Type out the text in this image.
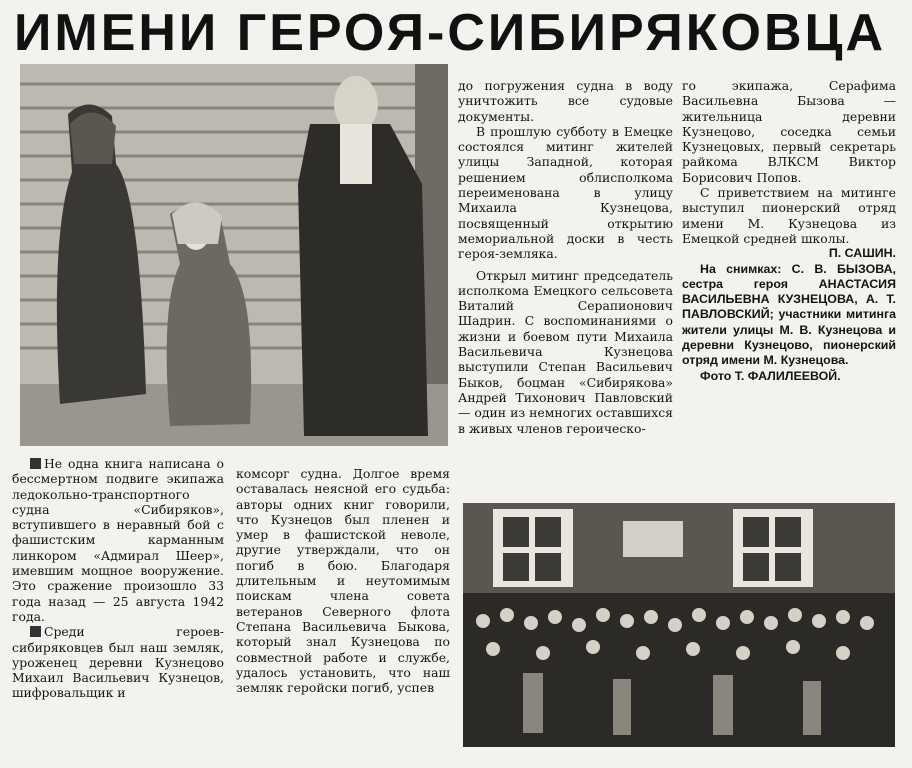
ИМЕНИ ГЕРОЯ-СИБИРЯКОВЦА

Не одна книга написана о бессмертном подвиге экипажа ледокольно-транспортного судна «Сибиряков», вступившего в неравный бой с фашистским карманным линкором «Адмирал Шеер», имевшим мощное вооружение. Это сражение произошло 33 года назад — 25 августа 1942 года.

Среди героев-сибиряковцев был наш земляк, уроженец деревни Кузнецово Михаил Васильевич Кузнецов, шифровальщик и

комсорг судна. Долгое время оставалась неясной его судьба: авторы одних книг говорили, что Кузнецов был пленен и умер в фашистской неволе, другие утверждали, что он погиб в бою. Благодаря длительным и неутомимым поискам члена совета ветеранов Северного флота Степана Васильевича Быкова, который знал Кузнецова по совместной работе и службе, удалось установить, что наш земляк геройски погиб, успев

до погружения судна в воду уничтожить все судовые документы.

В прошлую субботу в Емецке состоялся митинг жителей улицы Западной, которая решением облисполкома переименована в улицу Михаила Кузнецова, посвященный открытию мемориальной доски в честь героя-земляка.

Открыл митинг председатель исполкома Емецкого сельсовета Виталий Серапионович Шадрин. С воспоминаниями о жизни и боевом пути Михаила Васильевича Кузнецова выступили Степан Васильевич Быков, боцман «Сибирякова» Андрей Тихонович Павловский — один из немногих оставшихся в живых членов героическо-

го экипажа, Серафима Васильевна Бызова — жительница деревни Кузнецово, соседка семьи Кузнецовых, первый секретарь райкома ВЛКСМ Виктор Борисович Попов.

С приветствием на митинге выступил пионерский отряд имени М. Кузнецова из Емецкой средней школы.

П. САШИН.

На снимках: С. В. БЫЗОВА, сестра героя АНАСТАСИЯ ВАСИЛЬЕВНА КУЗНЕЦОВА, А. Т. ПАВЛОВСКИЙ; участники митинга жители улицы М. В. Кузнецова и деревни Кузнецово, пионерский отряд имени М. Кузнецова.

Фото Т. ФАЛИЛЕЕВОЙ.
